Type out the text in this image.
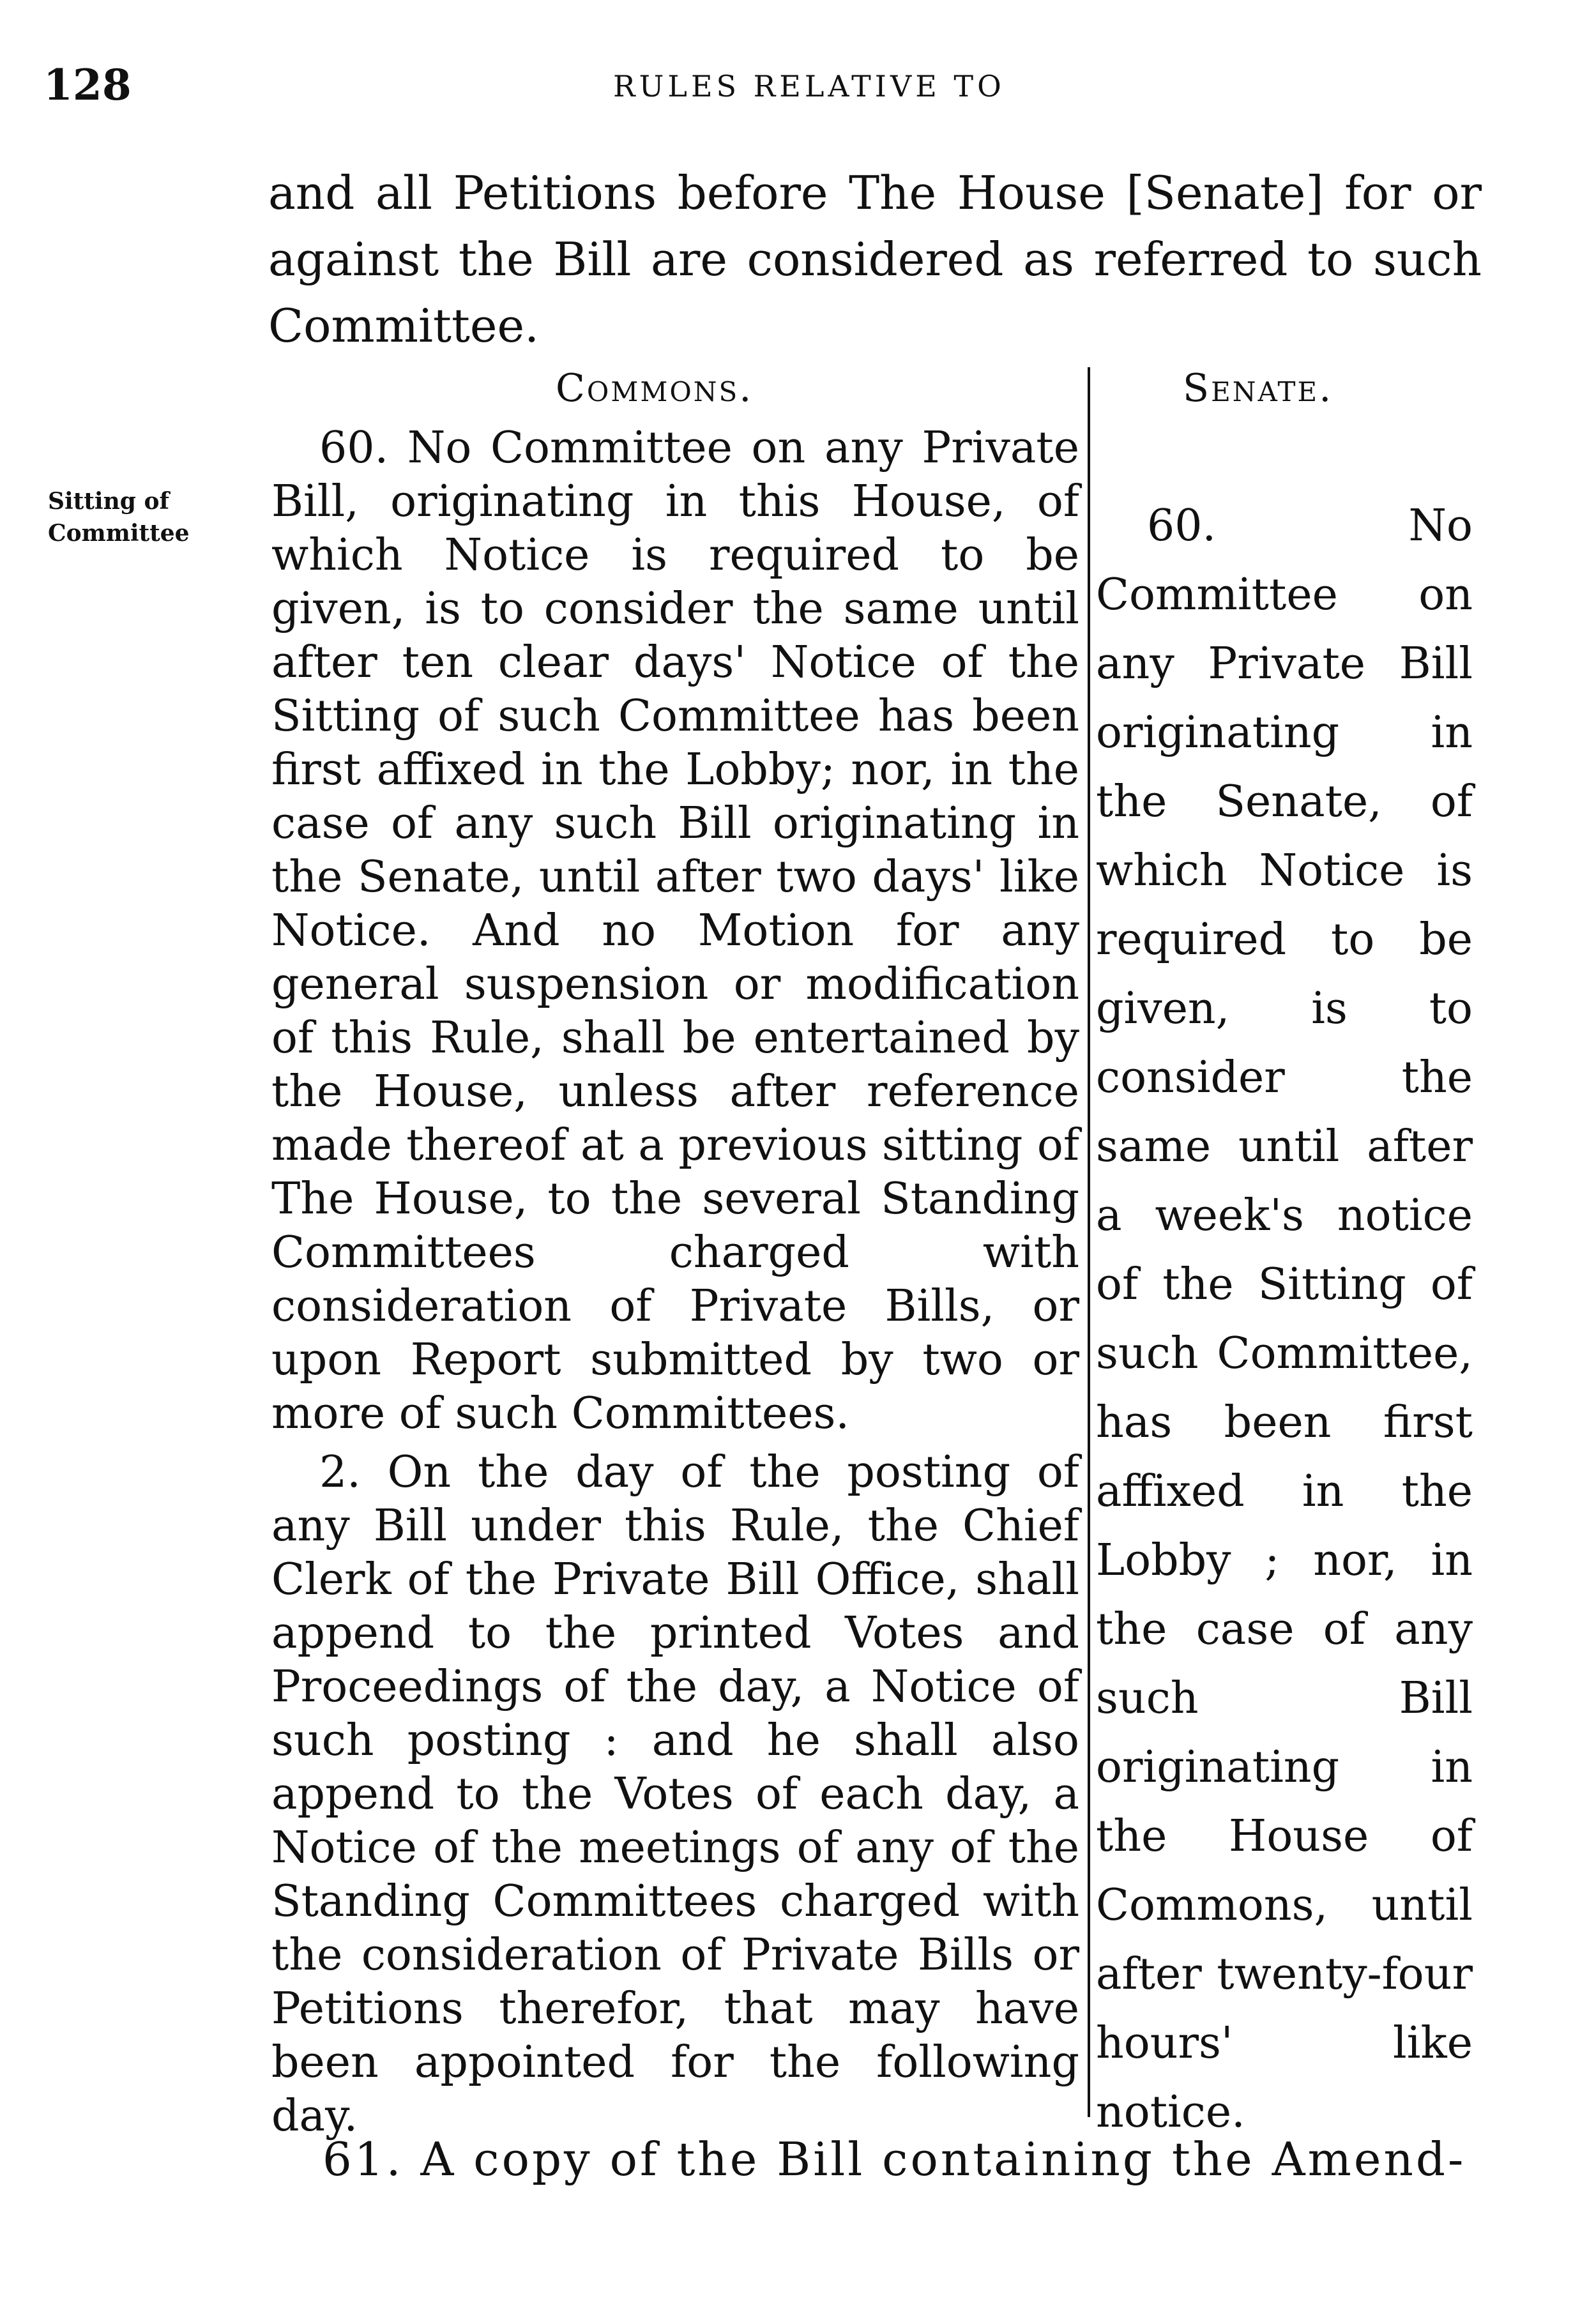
128	RULES RELATIVE TO

and all Petitions before The House [Senate] for or against the Bill are considered as referred to such Committee.

Commons.	Senate.
Sitting of
Committee

60. No Committee on any Private Bill, originating in this House, of which Notice is required to be given, is to consider the same until after ten clear days' Notice of the Sitting of such Committee has been first affixed in the Lobby; nor, in the case of any such Bill originating in the Senate, until after two days' like Notice. And no Motion for any general suspension or modification of this Rule, shall be entertained by the House, unless after reference made thereof at a previous sitting of The House, to the several Standing Committees charged with consideration of Private Bills, or upon Report submitted by two or more of such Committees.

2. On the day of the posting of any Bill under this Rule, the Chief Clerk of the Private Bill Office, shall append to the printed Votes and Proceedings of the day, a Notice of such posting : and he shall also append to the Votes of each day, a Notice of the meetings of any of the Standing Committees charged with the consideration of Private Bills or Petitions therefor, that may have been appointed for the following day.

60. No Committee on any Private Bill originating in the Senate, of which Notice is required to be given, is to consider the same until after a week's notice of the Sitting of such Committee, has been first affixed in the Lobby ; nor, in the case of any such Bill originating in the House of Commons, until after twenty-four hours' like notice.

61. A copy of the Bill containing the Amend-
